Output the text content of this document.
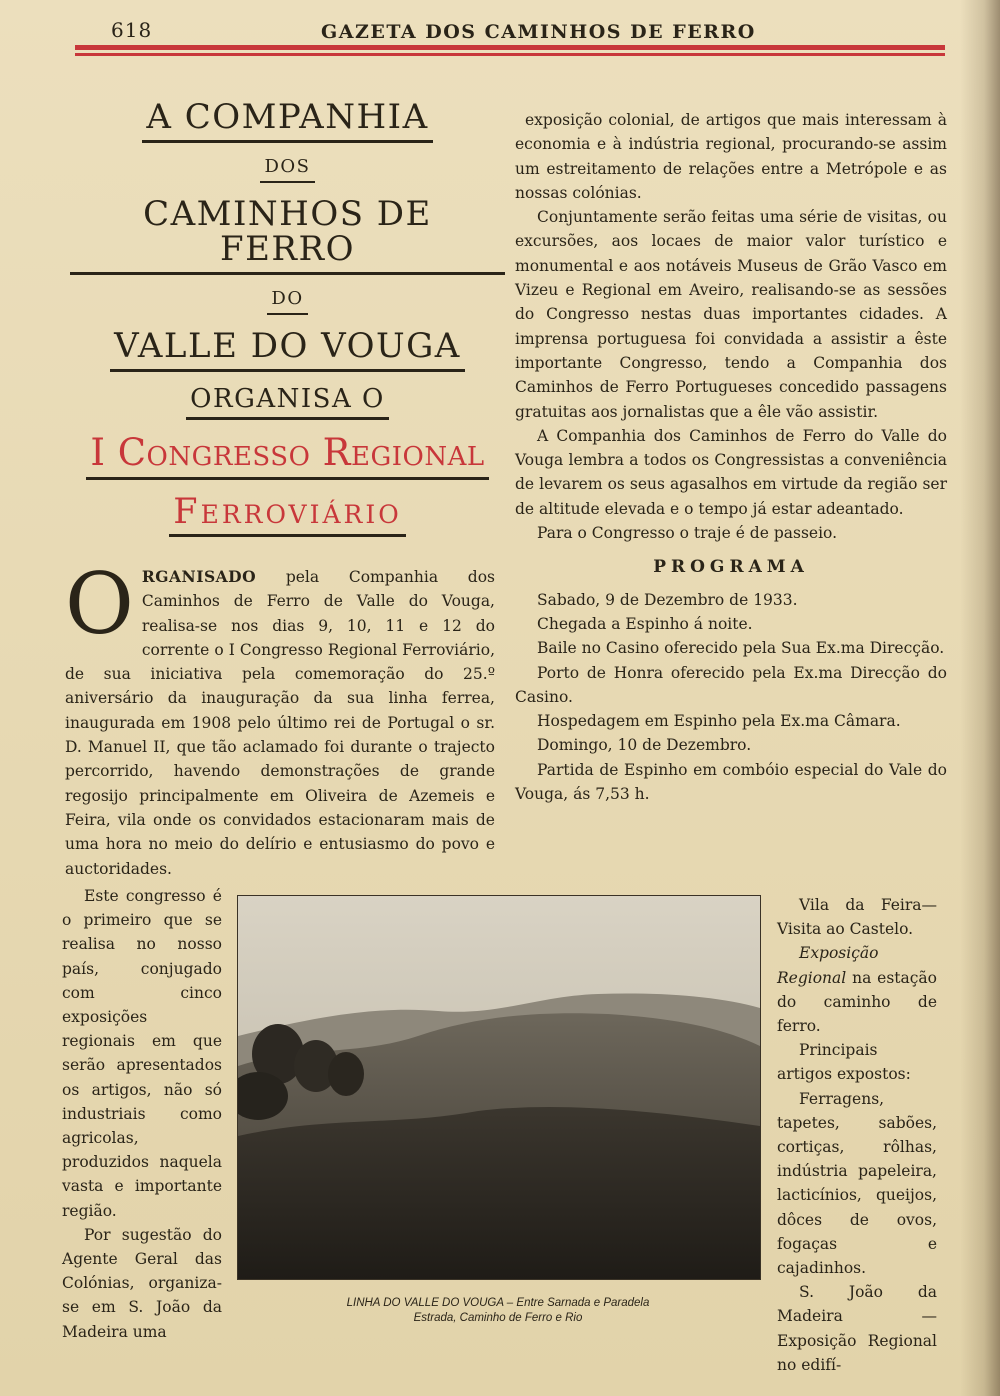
618	GAZETA DOS CAMINHOS DE FERRO
A COMPANHIA
DOS
CAMINHOS DE FERRO
DO
VALLE DO VOUGA
ORGANISA O
I Congresso Regional
Ferroviário

O RGANISADO pela Companhia dos Caminhos de Ferro de Valle do Vouga, realisa-se nos dias 9, 10, 11 e 12 do corrente o I Congresso Regional Ferroviário, de sua iniciativa pela comemoração do 25.º aniversário da inauguração da sua linha ferrea, inaugurada em 1908 pelo último rei de Portugal o sr. D. Manuel II, que tão aclamado foi durante o trajecto percorrido, havendo demonstrações de grande regosijo principalmente em Oliveira de Azemeis e Feira, vila onde os convidados estacionaram mais de uma hora no meio do delírio e entusiasmo do povo e auctoridades.

Este congresso é o primeiro que se realisa no nosso país, conjugado com cinco exposições regionais em que serão apresentados os artigos, não só industriais como agricolas, produzidos naquela vasta e importante região.

Por sugestão do Agente Geral das Colónias, organiza-se em S. João da Madeira uma

exposição colonial, de artigos que mais interessam à economia e à indústria regional, procurando-se assim um estreitamento de relações entre a Metrópole e as nossas colónias.

Conjuntamente serão feitas uma série de visitas, ou excursões, aos locaes de maior valor turístico e monumental e aos notáveis Museus de Grão Vasco em Vizeu e Regional em Aveiro, realisando-se as sessões do Congresso nestas duas importantes cidades. A imprensa portuguesa foi convidada a assistir a êste importante Congresso, tendo a Companhia dos Caminhos de Ferro Portugueses concedido passagens gratuitas aos jornalistas que a êle vão assistir.

A Companhia dos Caminhos de Ferro do Valle do Vouga lembra a todos os Congressistas a conveniência de levarem os seus agasalhos em virtude da região ser de altitude elevada e o tempo já estar adeantado.

Para o Congresso o traje é de passeio.

PROGRAMA

Sabado, 9 de Dezembro de 1933.

Chegada a Espinho á noite.

Baile no Casino oferecido pela Sua Ex.ma Direcção.

Porto de Honra oferecido pela Ex.ma Direcção do Casino.

Hospedagem em Espinho pela Ex.ma Câmara.

Domingo, 10 de Dezembro.

Partida de Espinho em combóio especial do Vale do Vouga, ás 7,53 h.

LINHA DO VALLE DO VOUGA – Entre Sarnada e Paradela
Estrada, Caminho de Ferro e Rio

Vila da Feira— Visita ao Castelo.

Exposição Regional na estação do caminho de ferro.

Principais artigos expostos:

Ferragens, tapetes, sabões, cortiças, rôlhas, indústria papeleira, lacticínios, queijos, dôces de ovos, fogaças e cajadinhos.

S. João da Madeira — Exposição Regional no edifí-
